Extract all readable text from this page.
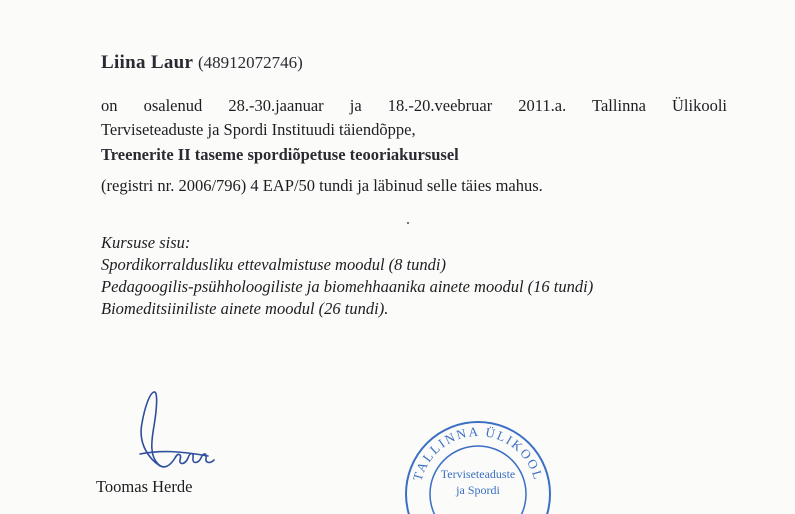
Liina Laur (48912072746)
on osalenud 28.-30.jaanuar ja 18.-20.veebruar 2011.a. Tallinna Ülikooli
Terviseteaduste ja Spordi Instituudi täiendõppe,
Treenerite II taseme spordiõpetuse teooriakursusel
(registri nr. 2006/796) 4 EAP/50 tundi ja läbinud selle täies mahus.
Kursuse sisu:
Spordikorraldusliku ettevalmistuse moodul (8 tundi)
Pedagoogilis-psühholoogiliste ja biomehhaanika ainete moodul (16 tundi)
Biomeditsiiniliste ainete moodul (26 tundi).
Toomas Herde
TALLINNA ÜLIKOOL
Terviseteaduste
ja Spordi
